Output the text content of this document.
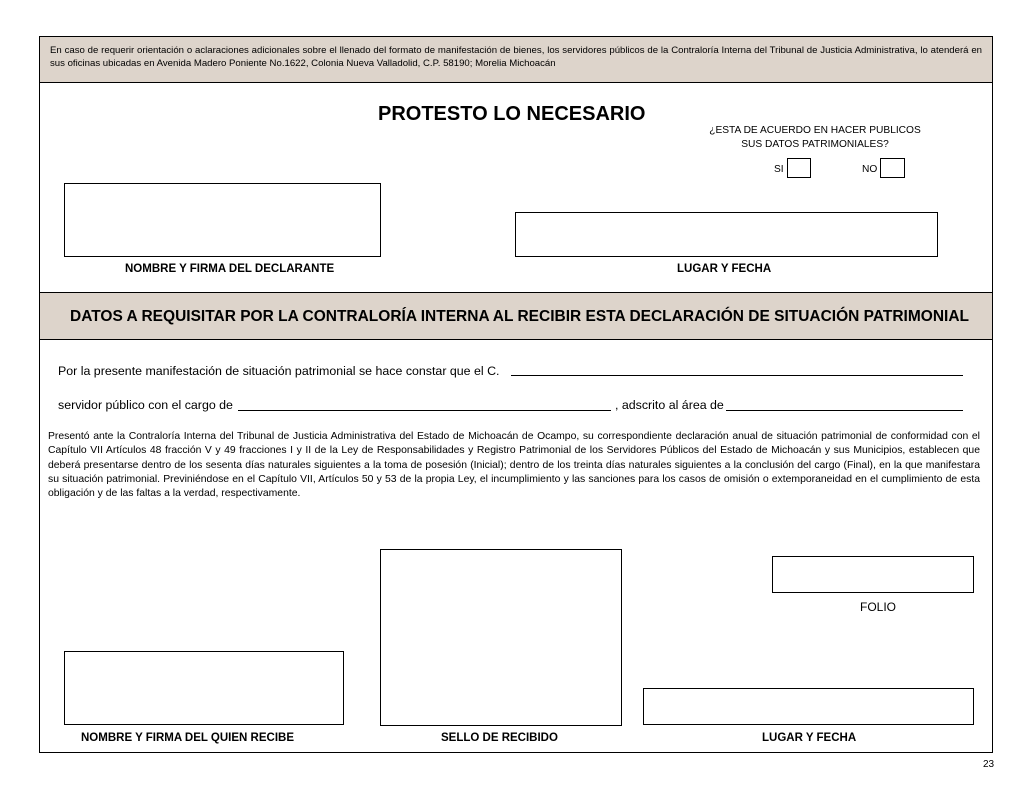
En caso de requerir orientación o aclaraciones adicionales sobre el llenado del formato de manifestación de bienes, los servidores públicos de la Contraloría Interna del Tribunal de Justicia Administrativa, lo atenderá en sus oficinas ubicadas en Avenida Madero Poniente No.1622, Colonia Nueva Valladolid, C.P. 58190; Morelia Michoacán
PROTESTO LO NECESARIO
¿ESTA DE ACUERDO EN HACER PUBLICOS SUS DATOS PATRIMONIALES?
SI	NO
NOMBRE Y FIRMA DEL DECLARANTE	LUGAR Y FECHA
DATOS A REQUISITAR POR LA CONTRALORÍA INTERNA AL RECIBIR ESTA DECLARACIÓN DE SITUACIÓN PATRIMONIAL
Por la presente manifestación de situación patrimonial se hace constar que el C.
servidor público con el cargo de	, adscrito al área de
Presentó ante la Contraloría Interna del Tribunal de Justicia Administrativa del Estado de Michoacán de Ocampo, su correspondiente declaración anual de situación patrimonial de conformidad con el Capítulo VII Artículos 48 fracción V y 49 fracciones I y II de la Ley de Responsabilidades y Registro Patrimonial de los Servidores Públicos del Estado de Michoacán y sus Municipios, establecen que deberá presentarse dentro de los sesenta días naturales siguientes a la toma de posesión (Inicial); dentro de los treinta días naturales siguientes a la conclusión del cargo (Final), en la que manifestara su situación patrimonial. Previniéndose en el Capítulo VII, Artículos 50 y 53 de la propia Ley, el incumplimiento y las sanciones para los casos de omisión o extemporaneidad en el cumplimiento de esta obligación y de las faltas a la verdad, respectivamente.
FOLIO
NOMBRE Y FIRMA DEL QUIEN RECIBE	SELLO DE RECIBIDO	LUGAR Y FECHA
23
